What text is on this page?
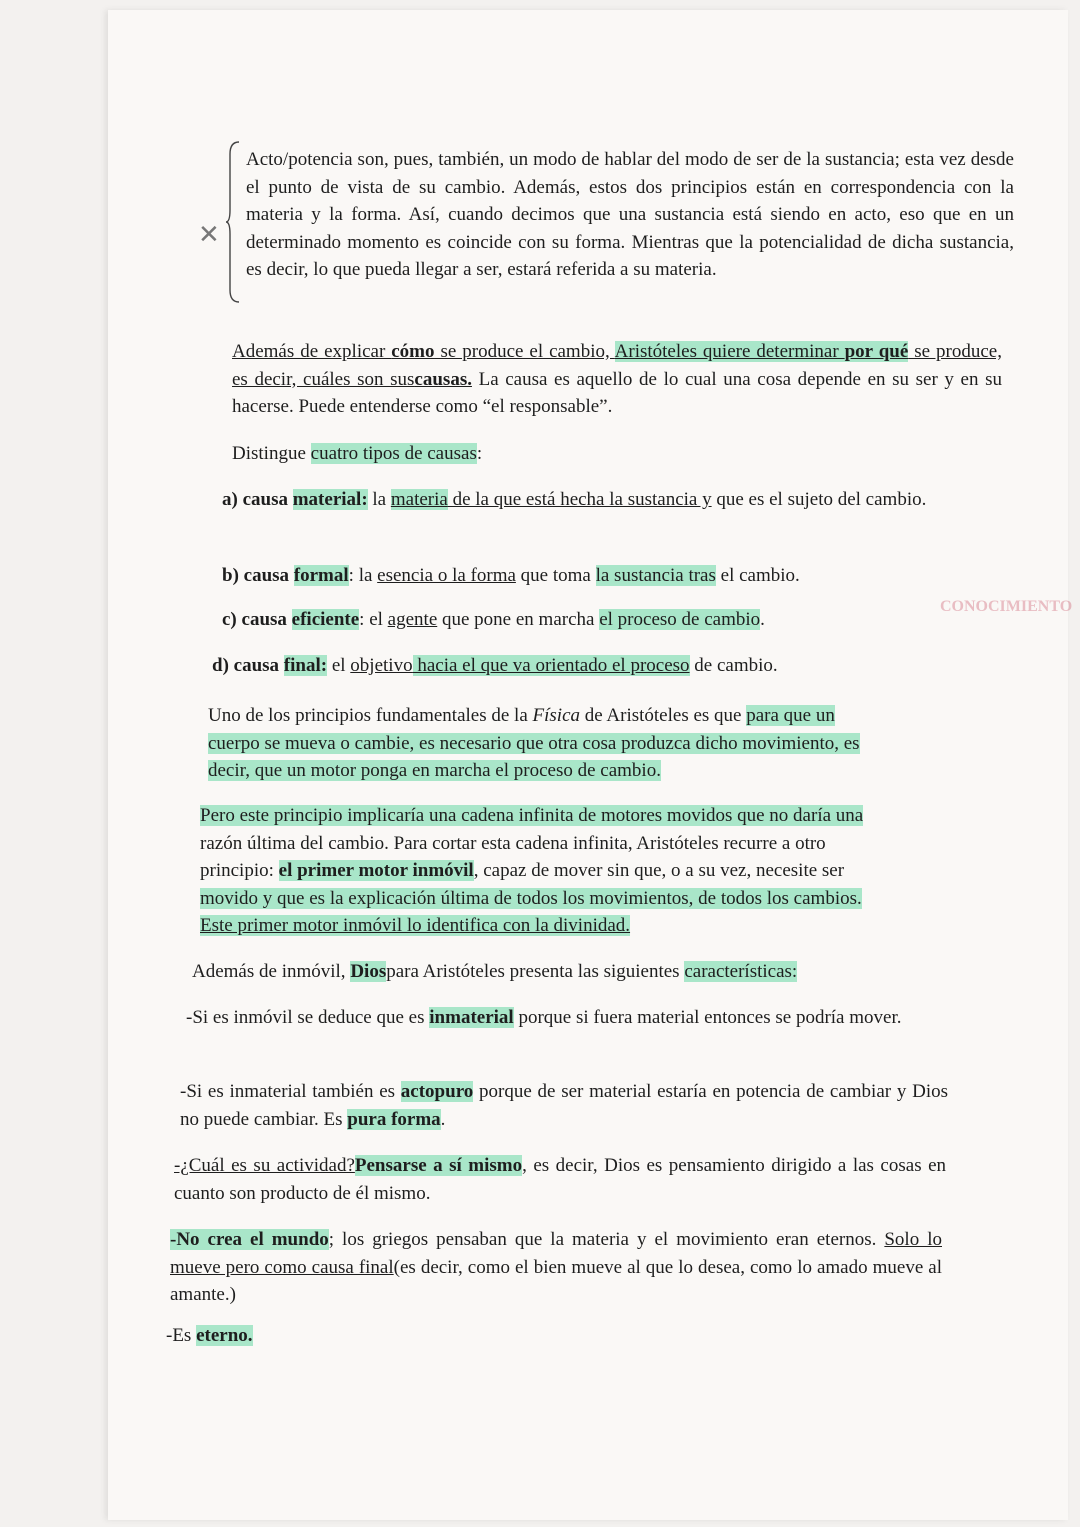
CONOCIMIENTO
✕
Acto/potencia son, pues, también, un modo de hablar del modo de ser de la sustancia; esta vez desde el punto de vista de su cambio. Además, estos dos principios están en correspondencia con la materia y la forma. Así, cuando decimos que una sustancia está siendo en acto, eso que en un determinado momento es coincide con su forma. Mientras que la potencialidad de dicha sustancia, es decir, lo que pueda llegar a ser, estará referida a su materia.
Además de explicar cómo se produce el cambio, Aristóteles quiere determinar por qué se produce, es decir, cuáles son suscausas. La causa es aquello de lo cual una cosa depende en su ser y en su hacerse. Puede entenderse como “el responsable”.
Distingue cuatro tipos de causas:
a) causa material: la materia de la que está hecha la sustancia y que es el sujeto del cambio.
b) causa formal: la esencia o la forma que toma la sustancia tras el cambio.
c) causa eficiente: el agente que pone en marcha el proceso de cambio.
d) causa final: el objetivo hacia el que va orientado el proceso de cambio.
Uno de los principios fundamentales de la Física de Aristóteles es que para que un
cuerpo se mueva o cambie, es necesario que otra cosa produzca dicho movimiento, es
decir, que un motor ponga en marcha el proceso de cambio.
Pero este principio implicaría una cadena infinita de motores movidos que no daría una
razón última del cambio. Para cortar esta cadena infinita, Aristóteles recurre a otro
principio: el primer motor inmóvil, capaz de mover sin que, o a su vez, necesite ser
movido y que es la explicación última de todos los movimientos, de todos los cambios.
Este primer motor inmóvil lo identifica con la divinidad.
Además de inmóvil, Diospara Aristóteles presenta las siguientes características:
-Si es inmóvil se deduce que es inmaterial porque si fuera material entonces se podría mover.
-Si es inmaterial también es actopuro porque de ser material estaría en potencia de cambiar y Dios no puede cambiar. Es pura forma.
-¿Cuál es su actividad?Pensarse a sí mismo, es decir, Dios es pensamiento dirigido a las cosas en cuanto son producto de él mismo.
-No crea el mundo; los griegos pensaban que la materia y el movimiento eran eternos. Solo lo mueve pero como causa final(es decir, como el bien mueve al que lo desea, como lo amado mueve al amante.)
-Es eterno.
